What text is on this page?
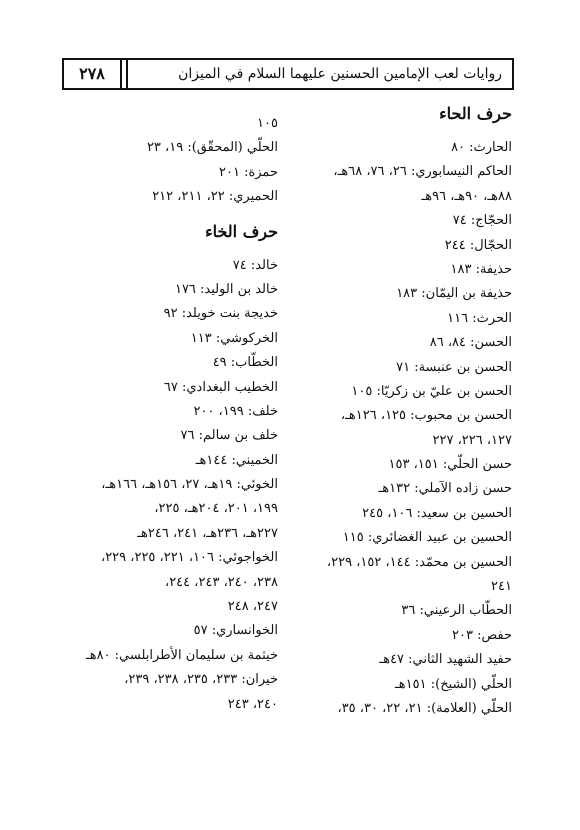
٢٧٨	روايات لعب الإمامين الحسنين عليهما السلام في الميزان
حرف الحاء
الحارث: ٨٠
الحاكم النيسابوري: ٢٦، ٧٦، ٦٨هـ،
٨٨هـ، ٩٠هـ، ٩٦هـ
الحجّاج: ٧٤
الحجّال: ٢٤٤
حذيفة: ١٨٣
حذيفة بن اليمّان: ١٨٣
الحرث: ١١٦
الحسن: ٨٤، ٨٦
الحسن بن عنبسة: ٧١
الحسن بن عليّ بن زكريّا: ١٠٥
الحسن بن محبوب: ١٢٥، ١٢٦هـ،
١٢٧، ٢٢٦، ٢٢٧
حسن الحلّي: ١٥١، ١٥٣
حسن زاده الآملي: ١٣٢هـ
الحسين بن سعيد: ١٠٦، ٢٤٥
الحسين بن عبيد الغضائري: ١١٥
الحسين بن محمّد: ١٤٤، ١٥٢، ٢٢٩،
٢٤١
الحطّاب الرعيني: ٣٦
حفص: ٢٠٣
حفيد الشهيد الثاني: ٤٧هـ
الحلّي (الشيخ): ١٥١هـ
الحلّي (العلامة): ٢١، ٢٢، ٣٠، ٣٥،
١٠٥
الحلّي (المحقّق): ١٩، ٢٣
حمزة: ٢٠١
الحميري: ٢٢، ٢١١، ٢١٢
حرف الخاء
خالد: ٧٤
خالد بن الوليد: ١٧٦
خديجة بنت خويلد: ٩٢
الخركوشي: ١١٣
الخطّاب: ٤٩
الخطيب البغدادي: ٦٧
خلف: ١٩٩، ٢٠٠
خلف بن سالم: ٧٦
الخميني: ١٤٤هـ
الخوئي: ١٩هـ، ٢٧، ١٥٦هـ، ١٦٦هـ،
١٩٩، ٢٠١، ٢٠٤هـ، ٢٢٥،
٢٢٧هـ، ٢٣٦هـ، ٢٤١، ٢٤٦هـ
الخواجوئي: ١٠٦، ٢٢١، ٢٢٥، ٢٢٩،
٢٣٨، ٢٤٠، ٢٤٣، ٢٤٤،
٢٤٧، ٢٤٨
الخوانساري: ٥٧
خيثمة بن سليمان الأطرابلسي: ٨٠هـ
خيران: ٢٣٣، ٢٣٥، ٢٣٨، ٢٣٩،
٢٤٠، ٢٤٣
